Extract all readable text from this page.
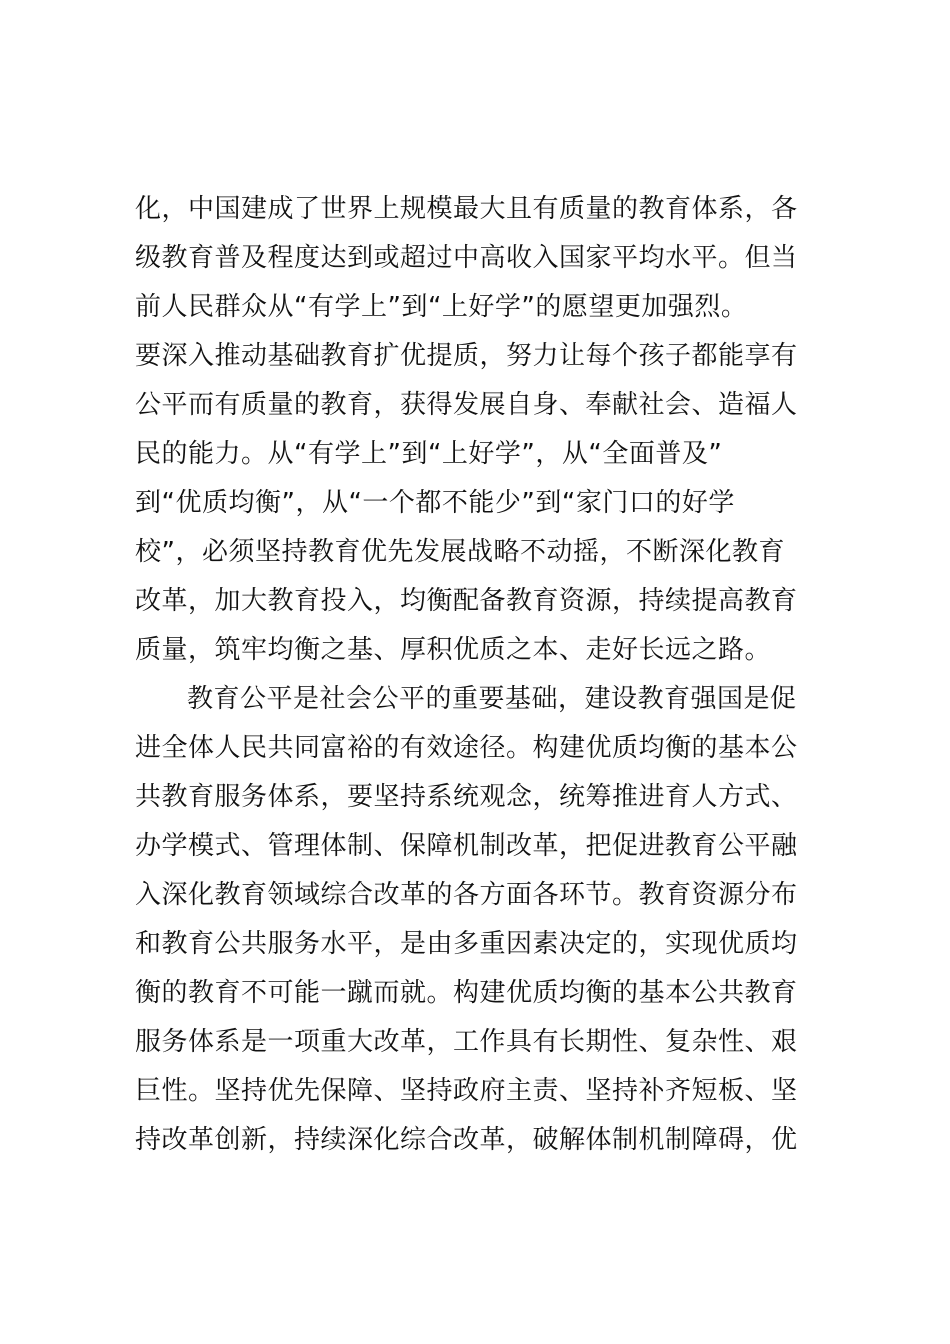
化，中国建成了世界上规模最大且有质量的教育体系，各
级教育普及程度达到或超过中高收入国家平均水平。但当
前人民群众从“有学上”到“上好学”的愿望更加强烈。
要深入推动基础教育扩优提质，努力让每个孩子都能享有
公平而有质量的教育，获得发展自身、奉献社会、造福人
民的能力。从“有学上”到“上好学”，从“全面普及”
到“优质均衡”，从“一个都不能少”到“家门口的好学
校”，必须坚持教育优先发展战略不动摇，不断深化教育
改革，加大教育投入，均衡配备教育资源，持续提高教育
质量，筑牢均衡之基、厚积优质之本、走好长远之路。
教育公平是社会公平的重要基础，建设教育强国是促
进全体人民共同富裕的有效途径。构建优质均衡的基本公
共教育服务体系，要坚持系统观念，统筹推进育人方式、
办学模式、管理体制、保障机制改革，把促进教育公平融
入深化教育领域综合改革的各方面各环节。教育资源分布
和教育公共服务水平，是由多重因素决定的，实现优质均
衡的教育不可能一蹴而就。构建优质均衡的基本公共教育
服务体系是一项重大改革，工作具有长期性、复杂性、艰
巨性。坚持优先保障、坚持政府主责、坚持补齐短板、坚
持改革创新，持续深化综合改革，破解体制机制障碍，优
